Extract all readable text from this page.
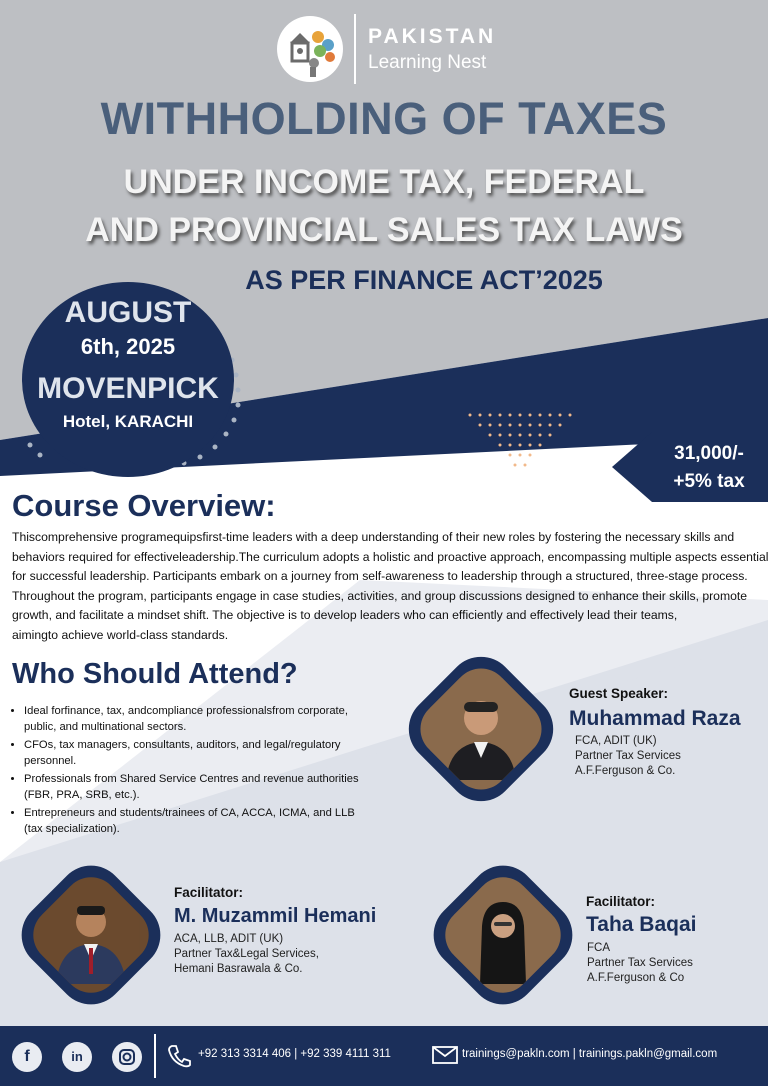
PAKISTAN
Learning Nest
WITHHOLDING OF TAXES
UNDER INCOME TAX, FEDERAL
AND PROVINCIAL SALES TAX LAWS
AS PER FINANCE ACT’2025
AUGUST
6th, 2025
MOVENPICK
Hotel, KARACHI
31,000/-
+5% tax
Course Overview:
Thiscomprehensive programequipsfirst-time leaders with a deep understanding of their new roles by fostering the necessary skills and
behaviors required for effectiveleadership.The curriculum adopts a holistic and proactive approach, encompassing multiple aspects essential
for successful leadership. Participants embark on a journey from self-awareness to leadership through a structured, three-stage process.
Throughout the program, participants engage in case studies, activities, and group discussions designed to enhance their skills, promote
growth, and facilitate a mindset shift. The objective is to develop leaders who can efficiently and effectively lead their teams,
aimingto achieve world-class standards.
Who Should Attend?
• Ideal forfinance, tax, andcompliance professionalsfrom corporate, public, and multinational sectors.
• CFOs, tax managers, consultants, auditors, and legal/regulatory personnel.
• Professionals from Shared Service Centres and revenue authorities (FBR, PRA, SRB, etc.).
• Entrepreneurs and students/trainees of CA, ACCA, ICMA, and LLB (tax specialization).
Guest Speaker:
Muhammad Raza
FCA, ADIT (UK)
Partner Tax Services
A.F.Ferguson & Co.
Facilitator:
M. Muzammil Hemani
ACA, LLB, ADIT (UK)
Partner Tax&Legal Services,
Hemani Basrawala & Co.
Facilitator:
Taha Baqai
FCA
Partner Tax Services
A.F.Ferguson & Co
f	in	+92 313 3314 406 | +92 339 4111 311	trainings@pakln.com | trainings.pakln@gmail.com
